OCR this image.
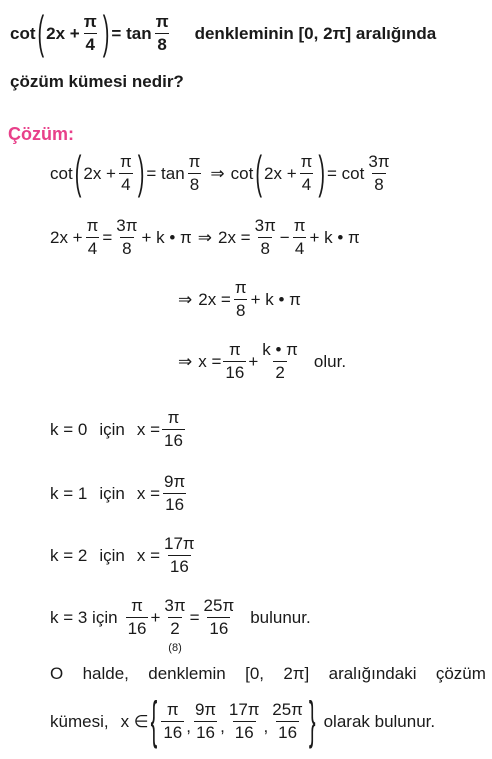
cot ( $2x + \frac{\pi}{4}$ ) = $\tan \frac{\pi}{8}$ denkleminin [0, 2π] aralığında
çözüm kümesi nedir?
Çözüm:
cot ( $2x + \frac{\pi}{4}$ ) = $\tan \frac{\pi}{8}$ ⇒ cot ( $2x + \frac{\pi}{4}$ ) = $\cot \frac{3\pi}{8}$
$2x + \frac{\pi}{4} = \frac{3\pi}{8} + k$ • π ⇒ $2x = \frac{3\pi}{8} - \frac{\pi}{4} + k$ • π
⇒ $2x = \frac{\pi}{8} + k$ • π
⇒ $x = \frac{\pi}{16} + \frac{k • \pi}{2}$ olur.
k = 0 için $x = \frac{\pi}{16}$
k = 1 için $x = \frac{9\pi}{16}$
k = 2 için $x = \frac{17\pi}{16}$
k = 3 için $\frac{\pi}{16}$ +
3π
2
(8)
= $\frac{25\pi}{16}$ bulunur.
O halde, denklemin [0, 2π] aralığındaki çözüm
kümesi, x ∈ { $\frac{\pi}{16}$ , $\frac{9\pi}{16}$ , $\frac{17\pi}{16}$ , $\frac{25\pi}{16}$ } olarak bulunur.
